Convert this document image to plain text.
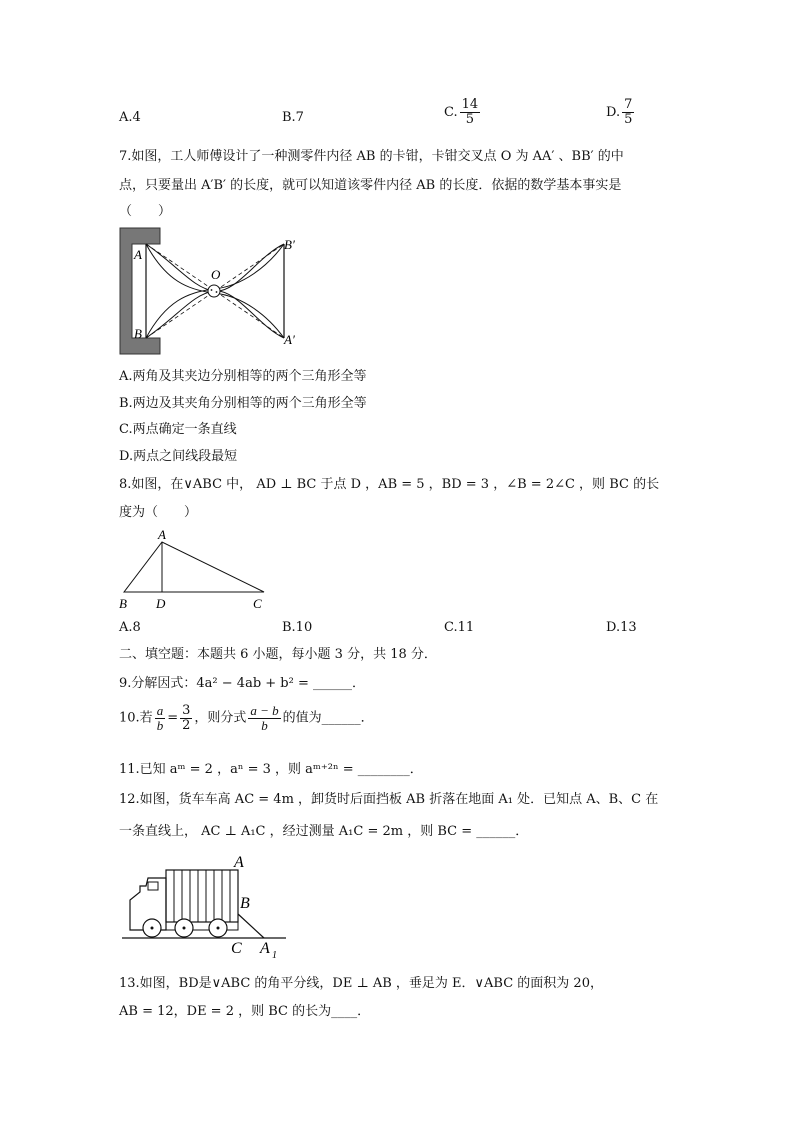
A.4	B.7	C. $\frac{14}{5}$	D. $\frac{7}{5}$
7.如图，工人师傅设计了一种测零件内径 AB 的卡钳，卡钳交叉点 O 为 AA′ 、BB′ 的中
点，只要量出 A′B′ 的长度，就可以知道该零件内径 AB 的长度．依据的数学基本事实是
（　　）
A
B
O
B′
A′
A.两角及其夹边分别相等的两个三角形全等
B.两边及其夹角分别相等的两个三角形全等
C.两点确定一条直线
D.两点之间线段最短
8.如图，在∨ABC 中， AD ⊥ BC 于点 D ，AB = 5 ，BD = 3 ，∠B = 2∠C ，则 BC 的长
度为（　　）
A
B D	C
A.8	B.10	C.11	D.13
二、填空题：本题共 6 小题，每小题 3 分，共 18 分．
9.分解因式：4a² − 4ab + b² = ______．
10.若 $\frac{a}{b} = \frac{3}{2}$ ，则分式 $\frac{a - b}{b}$ 的值为______．
11.已知 aᵐ = 2 ，aⁿ = 3 ，则 aᵐ⁺²ⁿ = ________．
12.如图，货车车高 AC = 4m ，卸货时后面挡板 AB 折落在地面 A₁ 处．已知点 A、B、C 在
一条直线上， AC ⊥ A₁C ，经过测量 A₁C = 2m ，则 BC = ______．
A
B
C A 1
13.如图，BD是∨ABC 的角平分线，DE ⊥ AB ，垂足为 E．∨ABC 的面积为 20，
AB = 12，DE = 2 ，则 BC 的长为____．
